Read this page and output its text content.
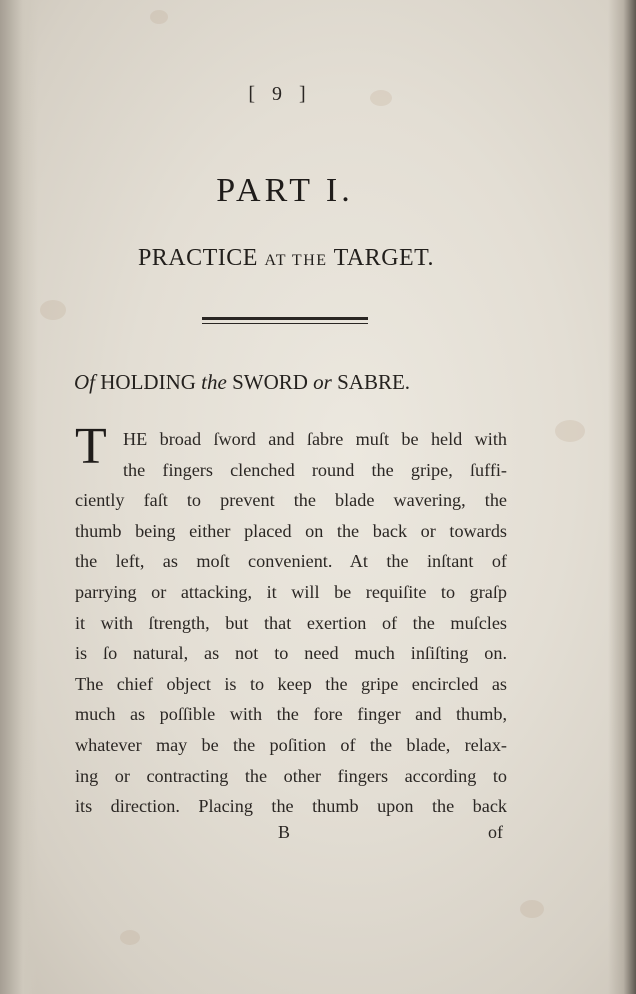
[ 9 ]
PART I.
PRACTICE AT THE TARGET.
Of HOLDING the SWORD or SABRE.
T HE broad ſword and ſabre muſt be held with
the fingers clenched round the gripe, ſuffi-
ciently faſt to prevent the blade wavering, the
thumb being either placed on the back or towards
the left, as moſt convenient. At the inſtant of
parrying or attacking, it will be requiſite to graſp
it with ſtrength, but that exertion of the muſcles
is ſo natural, as not to need much inſiſting on.
The chief object is to keep the gripe encircled as
much as poſſible with the fore finger and thumb,
whatever may be the poſition of the blade, relax-
ing or contracting the other fingers according to
its direction. Placing the thumb upon the back
B	of
